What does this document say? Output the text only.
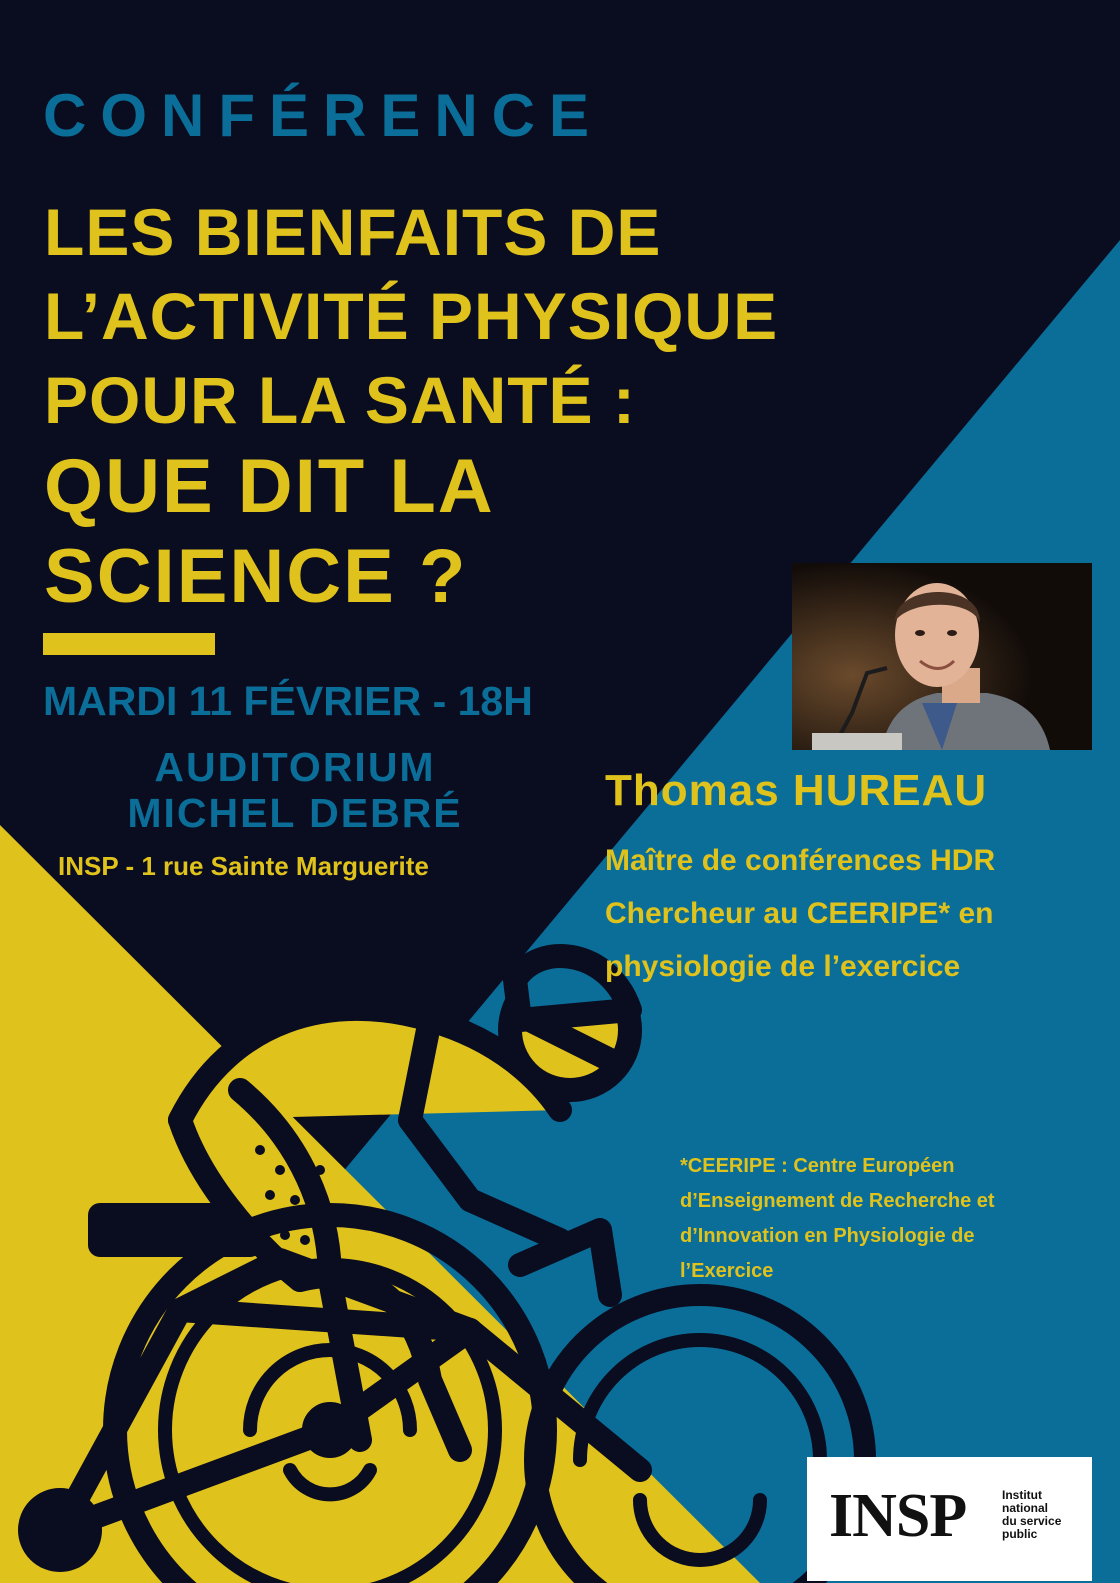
CONFÉRENCE
LES BIENFAITS DE
L’ACTIVITÉ PHYSIQUE
POUR LA SANTÉ :
QUE DIT LA
SCIENCE ?
MARDI 11 FÉVRIER - 18H
AUDITORIUM
MICHEL DEBRÉ
INSP - 1 rue Sainte Marguerite
Thomas HUREAU
Maître de conférences HDR
Chercheur au CEERIPE* en
physiologie de l’exercice
*CEERIPE : Centre Européen
d’Enseignement de Recherche et
d’Innovation en Physiologie de
l’Exercice
INSP	Institut
national
du service
public
